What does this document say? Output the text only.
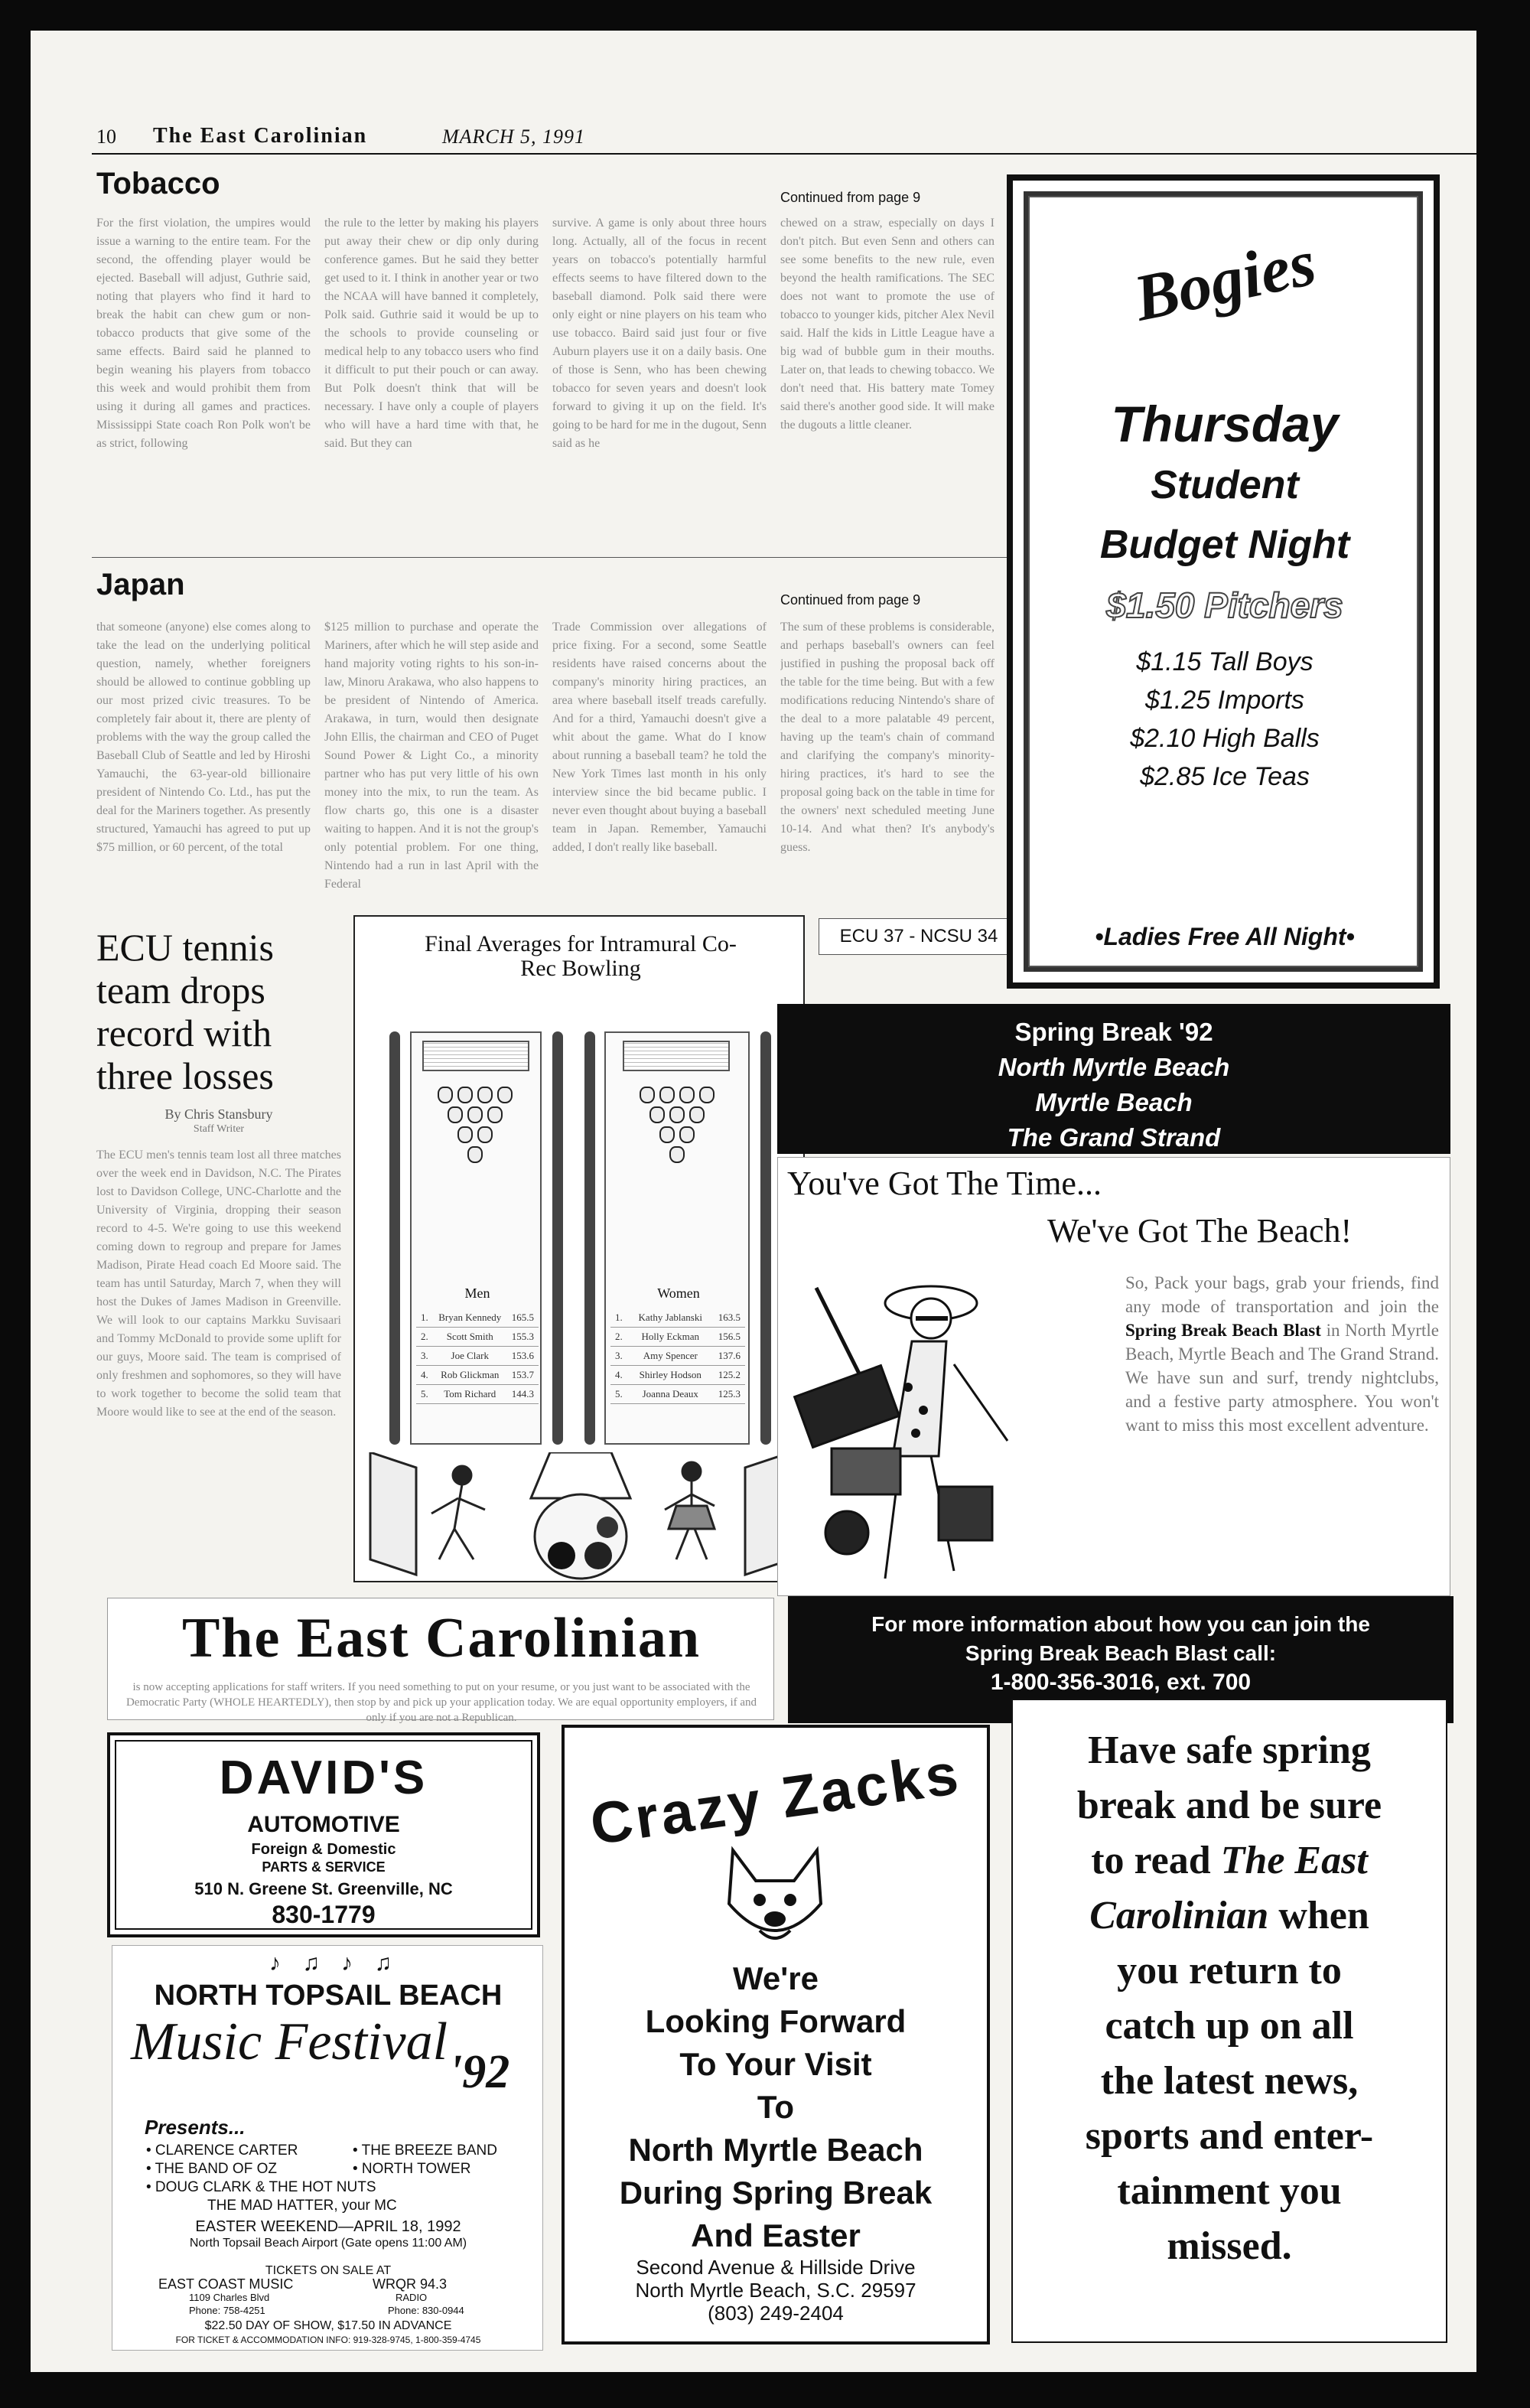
10 The East Carolinian	MARCH 5, 1991
Tobacco	Continued from page 9
For the first violation, the umpires would issue a warning to the entire team. For the second, the offending player would be ejected. Baseball will adjust, Guthrie said, noting that players who find it hard to break the habit can chew gum or non-tobacco products that give some of the same effects. Baird said he planned to begin weaning his players from tobacco this week and would prohibit them from using it during all games and practices. Mississippi State coach Ron Polk won't be as strict, following
the rule to the letter by making his players put away their chew or dip only during conference games. But he said they better get used to it. I think in another year or two the NCAA will have banned it completely, Polk said. Guthrie said it would be up to the schools to provide counseling or medical help to any tobacco users who find it difficult to put their pouch or can away. But Polk doesn't think that will be necessary. I have only a couple of players who will have a hard time with that, he said. But they can
survive. A game is only about three hours long. Actually, all of the focus in recent years on tobacco's potentially harmful effects seems to have filtered down to the baseball diamond. Polk said there were only eight or nine players on his team who use tobacco. Baird said just four or five Auburn players use it on a daily basis. One of those is Senn, who has been chewing tobacco for seven years and doesn't look forward to giving it up on the field. It's going to be hard for me in the dugout, Senn said as he
chewed on a straw, especially on days I don't pitch. But even Senn and others can see some benefits to the new rule, even beyond the health ramifications. The SEC does not want to promote the use of tobacco to younger kids, pitcher Alex Nevil said. Half the kids in Little League have a big wad of bubble gum in their mouths. Later on, that leads to chewing tobacco. We don't need that. His battery mate Tomey said there's another good side. It will make the dugouts a little cleaner.
Japan	Continued from page 9
that someone (anyone) else comes along to take the lead on the underlying political question, namely, whether foreigners should be allowed to continue gobbling up our most prized civic treasures. To be completely fair about it, there are plenty of problems with the way the group called the Baseball Club of Seattle and led by Hiroshi Yamauchi, the 63-year-old billionaire president of Nintendo Co. Ltd., has put the deal for the Mariners together. As presently structured, Yamauchi has agreed to put up $75 million, or 60 percent, of the total
$125 million to purchase and operate the Mariners, after which he will step aside and hand majority voting rights to his son-in-law, Minoru Arakawa, who also happens to be president of Nintendo of America. Arakawa, in turn, would then designate John Ellis, the chairman and CEO of Puget Sound Power & Light Co., a minority partner who has put very little of his own money into the mix, to run the team. As flow charts go, this one is a disaster waiting to happen. And it is not the group's only potential problem. For one thing, Nintendo had a run in last April with the Federal
Trade Commission over allegations of price fixing. For a second, some Seattle residents have raised concerns about the company's minority hiring practices, an area where baseball itself treads carefully. And for a third, Yamauchi doesn't give a whit about the game. What do I know about running a baseball team? he told the New York Times last month in his only interview since the bid became public. I never even thought about buying a baseball team in Japan. Remember, Yamauchi added, I don't really like baseball.
The sum of these problems is considerable, and perhaps baseball's owners can feel justified in pushing the proposal back off the table for the time being. But with a few modifications reducing Nintendo's share of the deal to a more palatable 49 percent, having up the team's chain of command and clarifying the company's minority-hiring practices, it's hard to see the proposal going back on the table in time for the owners' next scheduled meeting June 10-14. And what then? It's anybody's guess.
ECU tennis team drops record with three losses
By Chris Stansbury
Staff Writer
The ECU men's tennis team lost all three matches over the week end in Davidson, N.C. The Pirates lost to Davidson College, UNC-Charlotte and the University of Virginia, dropping their season record to 4-5. We're going to use this weekend coming down to regroup and prepare for James Madison, Pirate Head coach Ed Moore said. The team has until Saturday, March 7, when they will host the Dukes of James Madison in Greenville. We will look to our captains Markku Suvisaari and Tommy McDonald to provide some uplift for our guys, Moore said. The team is comprised of only freshmen and sophomores, so they will have to work together to become the solid team that Moore would like to see at the end of the season.
Final Averages for Intramural Co-Rec Bowling
Men
1. Bryan Kennedy 165.5
2. Scott Smith 155.3
3. Joe Clark 153.6
4. Rob Glickman 153.7
5. Tom Richard 144.3
Women
1. Kathy Jablanski 163.5
2. Holly Eckman 156.5
3. Amy Spencer 137.6
4. Shirley Hodson 125.2
5. Joanna Deaux 125.3
ECU 37 - NCSU 34
Bogies
Thursday
Student
Budget Night
$1.50 Pitchers
$1.15 Tall Boys
$1.25 Imports
$2.10 High Balls
$2.85 Ice Teas
•Ladies Free All Night•
Spring Break '92
North Myrtle Beach
Myrtle Beach
The Grand Strand
You've Got The Time...
We've Got The Beach!
So, Pack your bags, grab your friends, find any mode of transportation and join the Spring Break Beach Blast in North Myrtle Beach, Myrtle Beach and The Grand Strand. We have sun and surf, trendy nightclubs, and a festive party atmosphere. You won't want to miss this most excellent adventure.
For more information about how you can join the
Spring Break Beach Blast call:
1-800-356-3016, ext. 700
The East Carolinian
is now accepting applications for staff writers. If you need something to put on your resume, or you just want to be associated with the Democratic Party (WHOLE HEARTEDLY), then stop by and pick up your application today. We are equal opportunity employers, if and only if you are not a Republican.
DAVID'S
AUTOMOTIVE
Foreign & Domestic
PARTS & SERVICE
510 N. Greene St. Greenville, NC
830-1779
♪ ♫ ♪ ♫
NORTH TOPSAIL BEACH
Music Festival
'92
Presents...
• CLARENCE CARTER	• THE BREEZE BAND
• THE BAND OF OZ	• NORTH TOWER
• DOUG CLARK & THE HOT NUTS
THE MAD HATTER, your MC
EASTER WEEKEND—APRIL 18, 1992
North Topsail Beach Airport (Gate opens 11:00 AM)
TICKETS ON SALE AT
EAST COAST MUSIC
1109 Charles Blvd
Phone: 758-4251
WRQR 94.3
RADIO
Phone: 830-0944
$22.50 DAY OF SHOW, $17.50 IN ADVANCE
FOR TICKET & ACCOMMODATION INFO: 919-328-9745, 1-800-359-4745
Crazy Zacks
We're
Looking Forward
To Your Visit
To
North Myrtle Beach
During Spring Break
And Easter
Second Avenue & Hillside Drive
North Myrtle Beach, S.C. 29597
(803) 249-2404
Have safe spring
break and be sure
to read The East
Carolinian when
you return to
catch up on all
the latest news,
sports and enter-
tainment you
missed.
